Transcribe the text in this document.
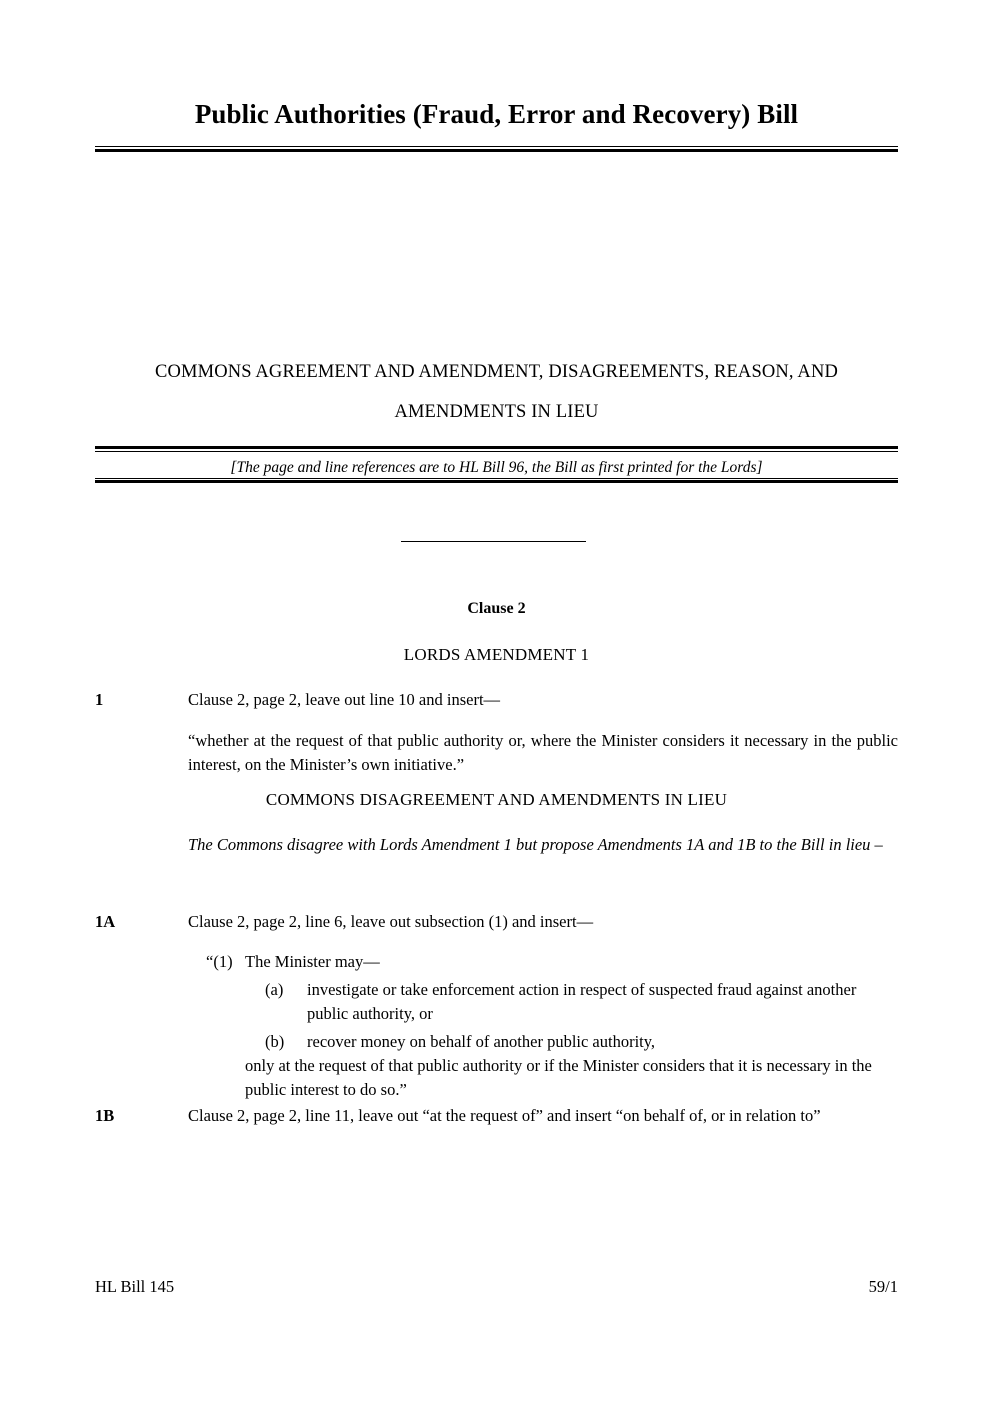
Public Authorities (Fraud, Error and Recovery) Bill
COMMONS AGREEMENT AND AMENDMENT, DISAGREEMENTS, REASON, AND
AMENDMENTS IN LIEU
[The page and line references are to HL Bill 96, the Bill as first printed for the Lords]
Clause 2
LORDS AMENDMENT 1
1	Clause 2, page 2, leave out line 10 and insert—

“whether at the request of that public authority or, where the Minister considers it necessary in the public interest, on the Minister’s own initiative.”

COMMONS DISAGREEMENT AND AMENDMENTS IN LIEU
The Commons disagree with Lords Amendment 1 but propose Amendments 1A and 1B to the Bill in lieu –
1A	Clause 2, page 2, line 6, leave out subsection (1) and insert—

“(1) The Minister may—
(a) investigate or take enforcement action in respect of suspected fraud against another public authority, or
(b) recover money on behalf of another public authority,

only at the request of that public authority or if the Minister considers that it is necessary in the public interest to do so.”

1B	Clause 2, page 2, line 11, leave out “at the request of” and insert “on behalf of, or in relation to”

HL Bill 145	59/1
